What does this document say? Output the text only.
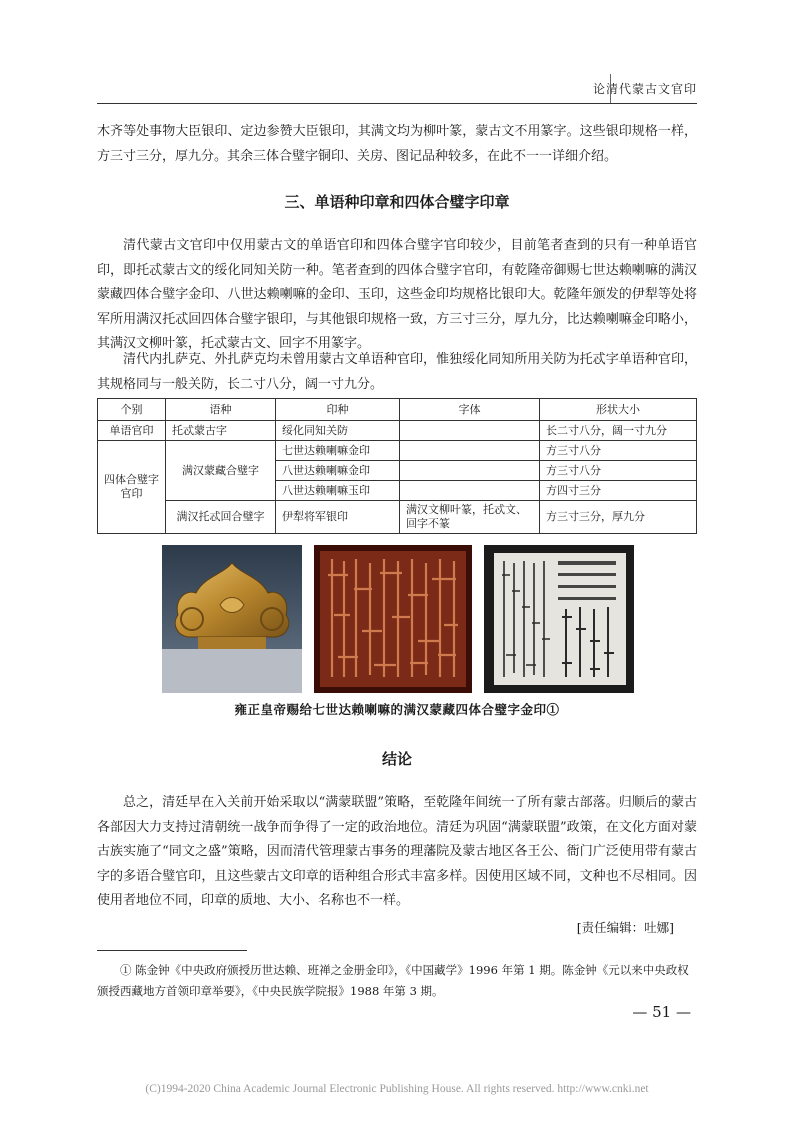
论清代蒙古文官印
木齐等处事物大臣银印、定边参赞大臣银印，其满文均为柳叶篆，蒙古文不用篆字。这些银印规格一样，方三寸三分，厚九分。其余三体合璧字铜印、关房、图记品种较多，在此不一一详细介绍。
三、单语种印章和四体合璧字印章
清代蒙古文官印中仅用蒙古文的单语官印和四体合璧字官印较少，目前笔者查到的只有一种单语官印，即托忒蒙古文的绥化同知关防一种。笔者查到的四体合璧字官印，有乾隆帝御赐七世达赖喇嘛的满汉蒙藏四体合璧字金印、八世达赖喇嘛的金印、玉印，这些金印均规格比银印大。乾隆年颁发的伊犁等处将军所用满汉托忒回四体合璧字银印，与其他银印规格一致，方三寸三分，厚九分，比达赖喇嘛金印略小，其满汉文柳叶篆，托忒蒙古文、回字不用篆字。
清代内扎萨克、外扎萨克均未曾用蒙古文单语种官印，惟独绥化同知所用关防为托忒字单语种官印，其规格同与一般关防，长二寸八分，阔一寸九分。
个别	语种	印种	字体	形状大小
单语官印	托忒蒙古字	绥化同知关防		长二寸八分，阔一寸九分
四体合璧字官印	满汉蒙藏合璧字	七世达赖喇嘛金印		方三寸八分
		八世达赖喇嘛金印		方三寸八分
		八世达赖喇嘛玉印		方四寸三分
	满汉托忒回合璧字	伊犁将军银印	满汉文柳叶篆，托忒文、回字不篆	方三寸三分，厚九分
雍正皇帝赐给七世达赖喇嘛的满汉蒙藏四体合璧字金印①
结论
总之，清廷早在入关前开始采取以“满蒙联盟”策略，至乾隆年间统一了所有蒙古部落。归顺后的蒙古各部因大力支持过清朝统一战争而争得了一定的政治地位。清廷为巩固“满蒙联盟”政策，在文化方面对蒙古族实施了“同文之盛”策略，因而清代管理蒙古事务的理藩院及蒙古地区各王公、衙门广泛使用带有蒙古字的多语合璧官印，且这些蒙古文印章的语种组合形式丰富多样。因使用区域不同，文种也不尽相同。因使用者地位不同，印章的质地、大小、名称也不一样。
[责任编辑：吐娜]
① 陈金钟《中央政府颁授历世达赖、班禅之金册金印》，《中国藏学》1996 年第 1 期。陈金钟《元以来中央政权颁授西藏地方首领印章举要》，《中央民族学院报》1988 年第 3 期。
— 51 —
(C)1994-2020 China Academic Journal Electronic Publishing House. All rights reserved. http://www.cnki.net
